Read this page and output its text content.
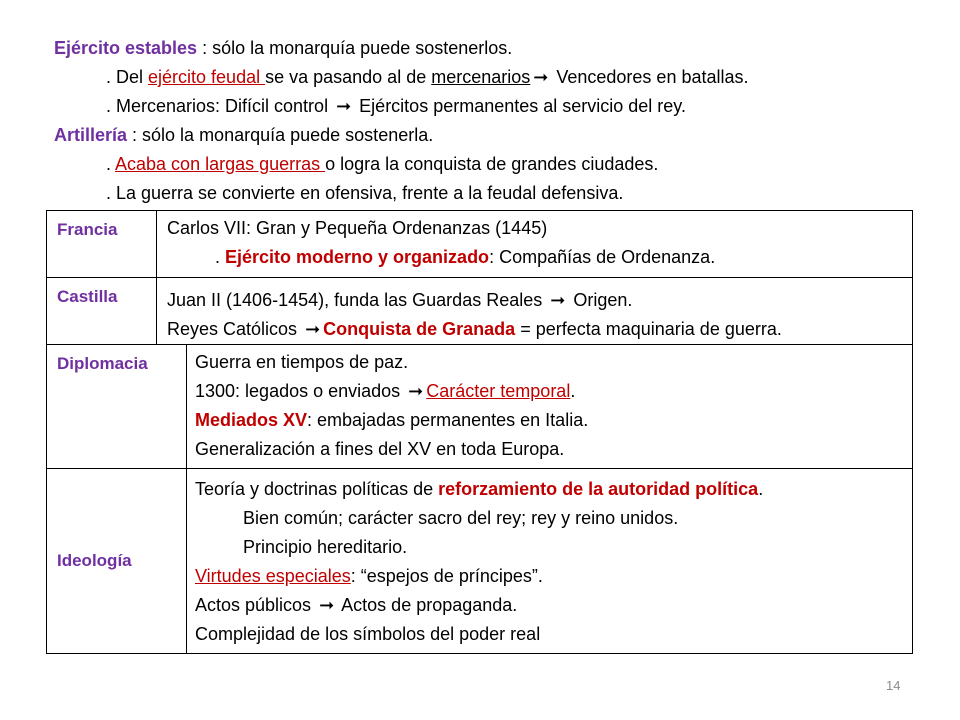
Ejército establ​es : sólo la monarquía puede sostenerlos.
. Del ejército feudal se va pasando al de mercenarios ➞ Vencedores en batallas.
. Mercenarios: Difícil control ➞ Ejércitos permanentes al servicio del rey.
Artillería : sólo la monarquía puede sostenerla.
. Acaba con largas guerras o logra la conquista de grandes ciudades.
. La guerra se convierte en ofensiva, frente a la feudal defensiva.
Francia	Carlos VII: Gran y Pequeña Ordenanzas (1445)
. Ejército moderno y organizado: Compañías de Ordenanza.
Castilla	Juan II (1406-1454), funda las Guardas Reales ➞ Origen.
Reyes Católicos ➞ Conquista de Granada = perfecta maquinaria de guerra.
Diplomacia	Guerra en tiempos de paz.
1300: legados o enviados ➞ Carácter temporal.
Mediados XV: embajadas permanentes en Italia.
Generalización a fines del XV en toda Europa.
Ideología
Teoría y doctrinas políticas de reforzamiento de la autoridad política.
Bien común; carácter sacro del rey; rey y reino unidos.
Principio hereditario.
Virtudes especiales: “espejos de príncipes”.
Actos públicos ➞ Actos de propaganda.
Complejidad de los símbolos del poder real
14
